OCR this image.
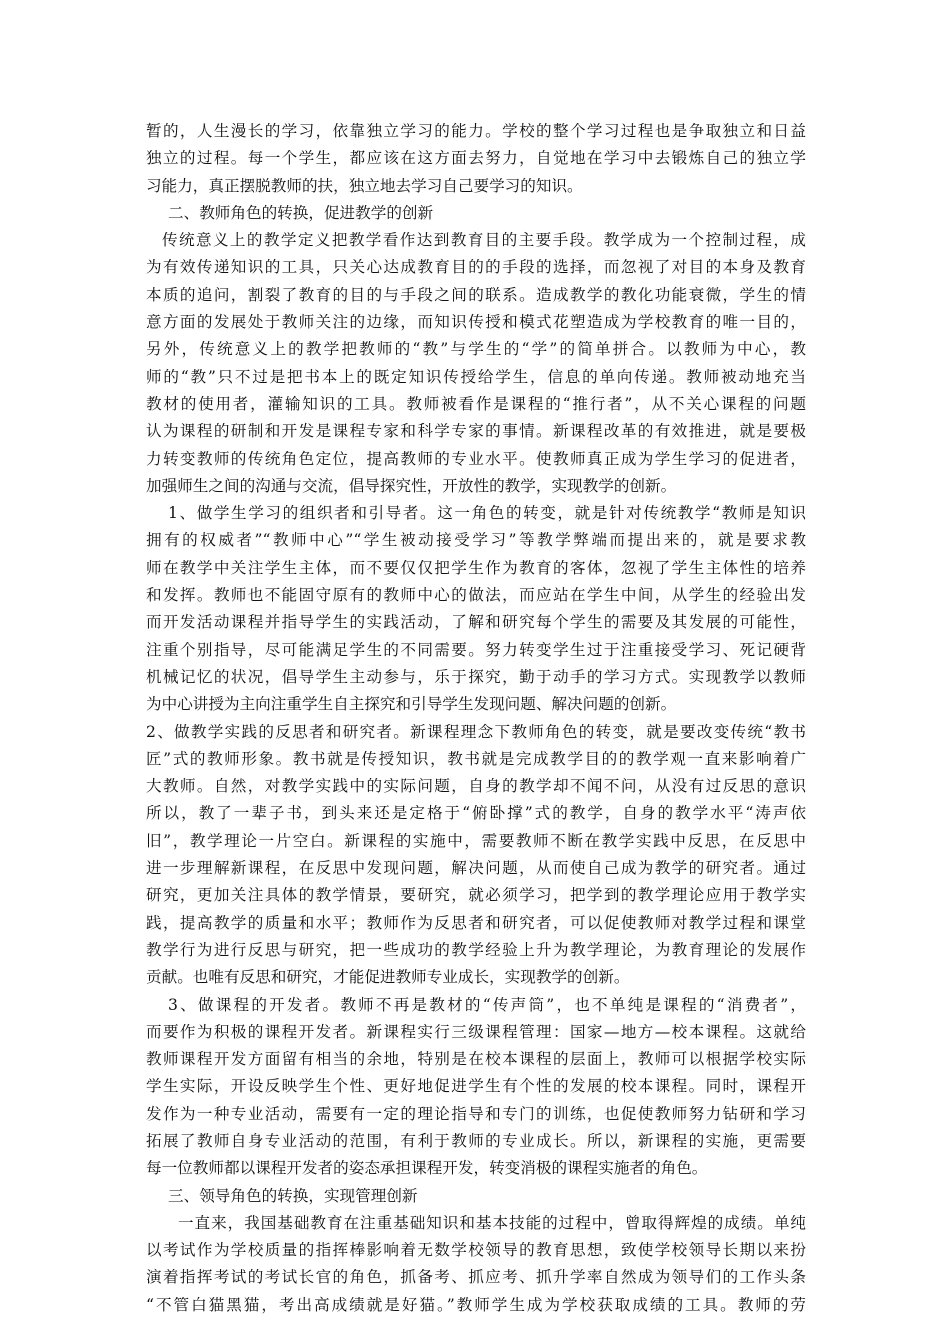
暂的，人生漫长的学习，依靠独立学习的能力。学校的整个学习过程也是争取独立和日益
独立的过程。每一个学生，都应该在这方面去努力，自觉地在学习中去锻炼自己的独立学
习能力，真正摆脱教师的扶，独立地去学习自己要学习的知识。
二、教师角色的转换，促进教学的创新
传统意义上的教学定义把教学看作达到教育目的主要手段。教学成为一个控制过程，成
为有效传递知识的工具，只关心达成教育目的的手段的选择，而忽视了对目的本身及教育
本质的追问，割裂了教育的目的与手段之间的联系。造成教学的教化功能衰微，学生的情
意方面的发展处于教师关注的边缘，而知识传授和模式花塑造成为学校教育的唯一目的，
另外，传统意义上的教学把教师的“教”与学生的“学”的简单拼合。以教师为中心，教
师的“教”只不过是把书本上的既定知识传授给学生，信息的单向传递。教师被动地充当
教材的使用者，灌输知识的工具。教师被看作是课程的“推行者”，从不关心课程的问题
认为课程的研制和开发是课程专家和科学专家的事情。新课程改革的有效推进，就是要极
力转变教师的传统角色定位，提高教师的专业水平。使教师真正成为学生学习的促进者，
加强师生之间的沟通与交流，倡导探究性，开放性的教学，实现教学的创新。
1、做学生学习的组织者和引导者。这一角色的转变，就是针对传统教学“教师是知识
拥有的权威者”“教师中心”“学生被动接受学习”等教学弊端而提出来的，就是要求教
师在教学中关注学生主体，而不要仅仅把学生作为教育的客体，忽视了学生主体性的培养
和发挥。教师也不能固守原有的教师中心的做法，而应站在学生中间，从学生的经验出发
而开发活动课程并指导学生的实践活动，了解和研究每个学生的需要及其发展的可能性，
注重个别指导，尽可能满足学生的不同需要。努力转变学生过于注重接受学习、死记硬背
机械记忆的状况，倡导学生主动参与，乐于探究，勤于动手的学习方式。实现教学以教师
为中心讲授为主向注重学生自主探究和引导学生发现问题、解决问题的创新。
2、做教学实践的反思者和研究者。新课程理念下教师角色的转变，就是要改变传统“教书
匠”式的教师形象。教书就是传授知识，教书就是完成教学目的的教学观一直来影响着广
大教师。自然，对教学实践中的实际问题，自身的教学却不闻不问，从没有过反思的意识
所以，教了一辈子书，到头来还是定格于“俯卧撑”式的教学，自身的教学水平“涛声依
旧”，教学理论一片空白。新课程的实施中，需要教师不断在教学实践中反思，在反思中
进一步理解新课程，在反思中发现问题，解决问题，从而使自己成为教学的研究者。通过
研究，更加关注具体的教学情景，要研究，就必须学习，把学到的教学理论应用于教学实
践，提高教学的质量和水平；教师作为反思者和研究者，可以促使教师对教学过程和课堂
教学行为进行反思与研究，把一些成功的教学经验上升为教学理论，为教育理论的发展作
贡献。也唯有反思和研究，才能促进教师专业成长，实现教学的创新。
3、做课程的开发者。教师不再是教材的“传声筒”，也不单纯是课程的“消费者”，
而要作为积极的课程开发者。新课程实行三级课程管理：国家—地方—校本课程。这就给
教师课程开发方面留有相当的余地，特别是在校本课程的层面上，教师可以根据学校实际
学生实际，开设反映学生个性、更好地促进学生有个性的发展的校本课程。同时，课程开
发作为一种专业活动，需要有一定的理论指导和专门的训练，也促使教师努力钻研和学习
拓展了教师自身专业活动的范围，有利于教师的专业成长。所以，新课程的实施，更需要
每一位教师都以课程开发者的姿态承担课程开发，转变消极的课程实施者的角色。
三、领导角色的转换，实现管理创新
一直来，我国基础教育在注重基础知识和基本技能的过程中，曾取得辉煌的成绩。单纯
以考试作为学校质量的指挥棒影响着无数学校领导的教育思想，致使学校领导长期以来扮
演着指挥考试的考试长官的角色，抓备考、抓应考、抓升学率自然成为领导们的工作头条
“不管白猫黑猫，考出高成绩就是好猫。”教师学生成为学校获取成绩的工具。教师的劳
